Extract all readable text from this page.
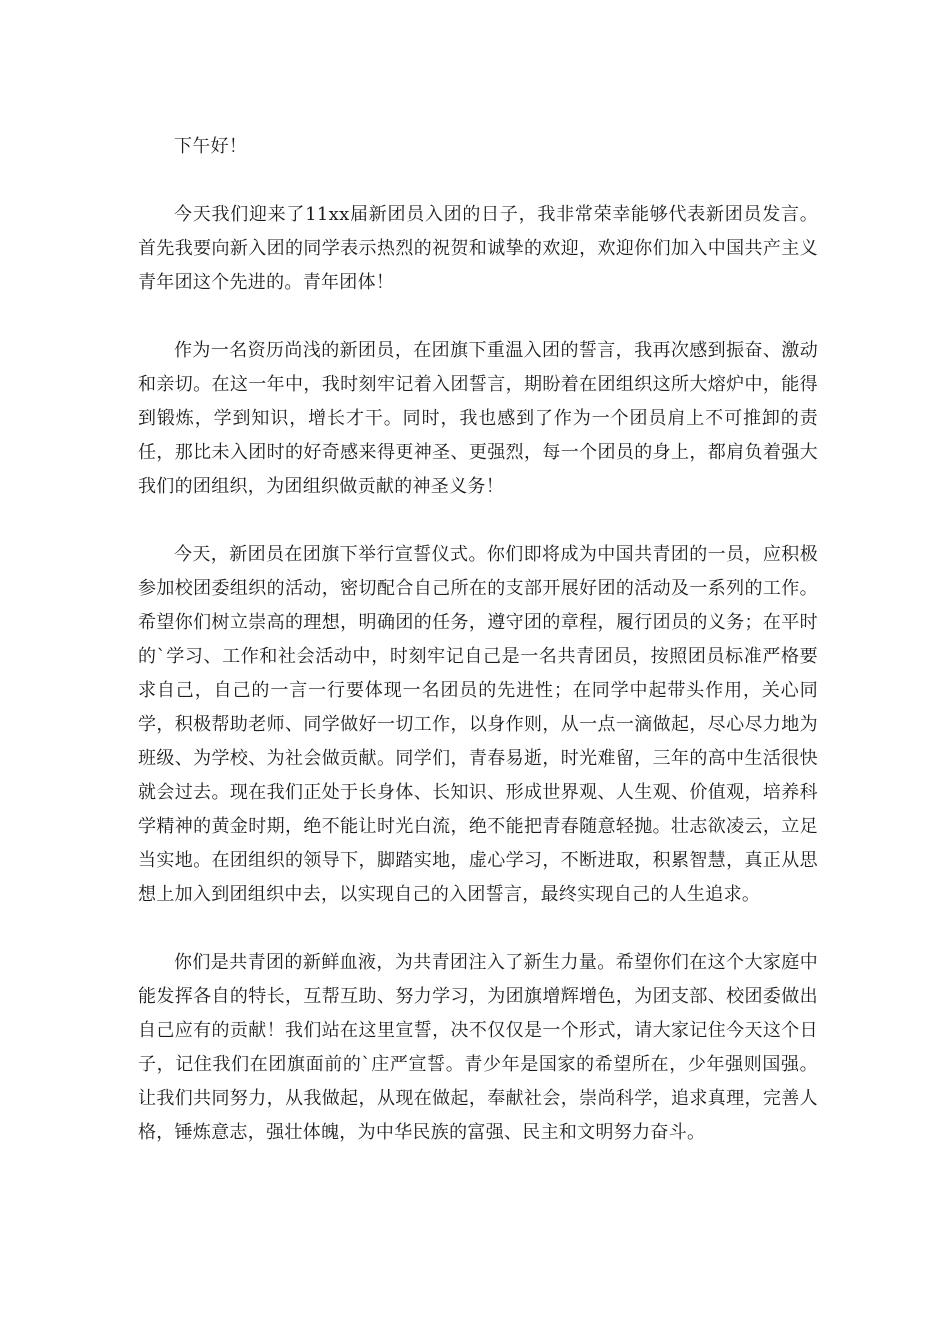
下午好！

今天我们迎来了11xx届新团员入团的日子，我非常荣幸能够代表新团员发言。首先我要向新入团的同学表示热烈的祝贺和诚挚的欢迎，欢迎你们加入中国共产主义青年团这个先进的。青年团体！

作为一名资历尚浅的新团员，在团旗下重温入团的誓言，我再次感到振奋、激动和亲切。在这一年中，我时刻牢记着入团誓言，期盼着在团组织这所大熔炉中，能得到锻炼，学到知识，增长才干。同时，我也感到了作为一个团员肩上不可推卸的责任，那比未入团时的好奇感来得更神圣、更强烈，每一个团员的身上，都肩负着强大我们的团组织，为团组织做贡献的神圣义务！

今天，新团员在团旗下举行宣誓仪式。你们即将成为中国共青团的一员，应积极参加校团委组织的活动，密切配合自己所在的支部开展好团的活动及一系列的工作。希望你们树立崇高的理想，明确团的任务，遵守团的章程，履行团员的义务；在平时的`学习、工作和社会活动中，时刻牢记自己是一名共青团员，按照团员标准严格要求自己，自己的一言一行要体现一名团员的先进性；在同学中起带头作用，关心同学，积极帮助老师、同学做好一切工作，以身作则，从一点一滴做起，尽心尽力地为班级、为学校、为社会做贡献。同学们，青春易逝，时光难留，三年的高中生活很快就会过去。现在我们正处于长身体、长知识、形成世界观、人生观、价值观，培养科学精神的黄金时期，绝不能让时光白流，绝不能把青春随意轻抛。壮志欲凌云，立足当实地。在团组织的领导下，脚踏实地，虚心学习，不断进取，积累智慧，真正从思想上加入到团组织中去，以实现自己的入团誓言，最终实现自己的人生追求。

你们是共青团的新鲜血液，为共青团注入了新生力量。希望你们在这个大家庭中能发挥各自的特长，互帮互助、努力学习，为团旗增辉增色，为团支部、校团委做出自己应有的贡献！我们站在这里宣誓，决不仅仅是一个形式，请大家记住今天这个日子，记住我们在团旗面前的`庄严宣誓。青少年是国家的希望所在，少年强则国强。让我们共同努力，从我做起，从现在做起，奉献社会，崇尚科学，追求真理，完善人格，锤炼意志，强壮体魄，为中华民族的富强、民主和文明努力奋斗。
